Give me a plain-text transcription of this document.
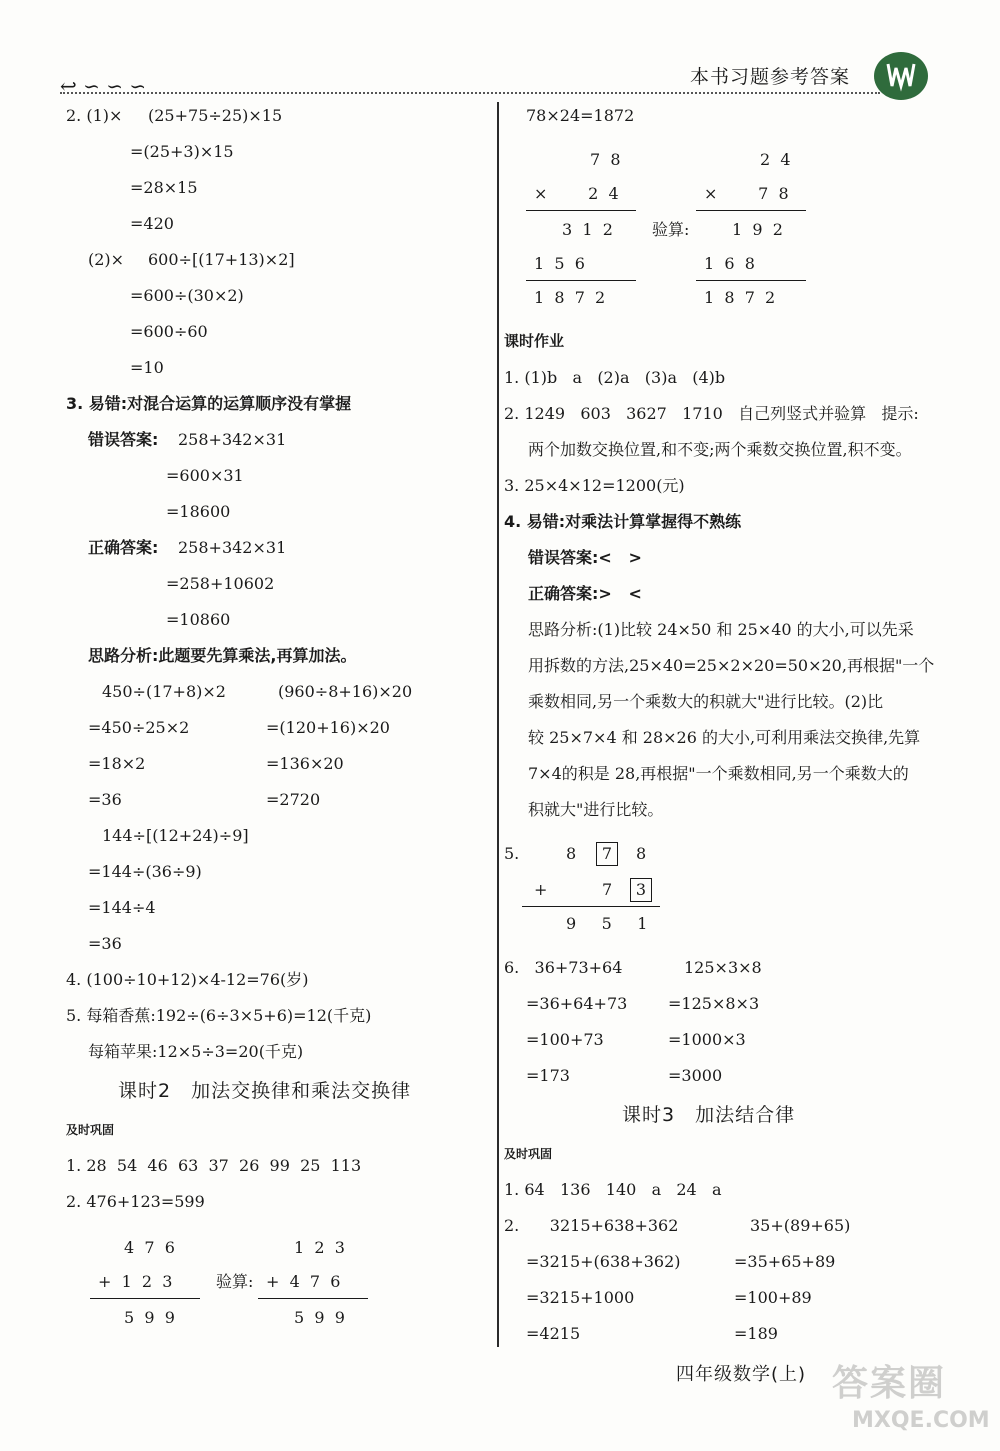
↩ ∽ ∽ ∽	本书习题参考答案
2. (1)× (25+75÷25)×15
=(25+3)×15
=28×15
=420
(2)× 600÷[(17+13)×2]
=600÷(30×2)
=600÷60
=10
3. 易错:对混合运算的运算顺序没有掌握
错误答案: 258+342×31
=600×31
=18600
正确答案: 258+342×31
=258+10602
=10860
思路分析:此题要先算乘法,再算加法。
450÷(17+8)×2
=450÷25×2
=18×2
=36
(960÷8+16)×20
=(120+16)×20
=136×20
=2720
144÷[(12+24)÷9]
=144÷(36÷9)
=144÷4
=36
4. (100÷10+12)×4-12=76(岁)
5. 每箱香蕉:192÷(6÷3×5+6)=12(千克)
每箱苹果:12×5÷3=20(千克)
课时2　加法交换律和乘法交换律
及时巩固
1. 28  54  46  63  37  26  99  25  113
2. 476+123=599
4  7  6
+  1  2  3
5  9  9
验算:
1  2  3
+  4  7  6
5  9  9
78×24=1872
7  8
×        2  4
3  1  2
1  5  6
1  8  7  2
验算:
2  4
×        7  8
1  9  2
1  6  8
1  8  7  2
课时作业
1. (1)b   a   (2)a   (3)a   (4)b
2. 1249   603   3627   1710   自己列竖式并验算   提示:
两个加数交换位置,和不变;两个乘数交换位置,积不变。
3. 25×4×12=1200(元)
4. 易错:对乘法计算掌握得不熟练
错误答案:<   >
正确答案:>   <
思路分析:(1)比较 24×50 和 25×40 的大小,可以先采
用拆数的方法,25×40=25×2×20=50×20,再根据"一个
乘数相同,另一个乘数大的积就大"进行比较。(2)比
较 25×7×4 和 28×26 的大小,可利用乘法交换律,先算
7×4的积是 28,再根据"一个乘数相同,另一个乘数大的
积就大"进行比较。
5.	8	7	8
+	7	3
9     5     1
6.   36+73+64
=36+64+73
=100+73
=173
125×3×8
=125×8×3
=1000×3
=3000
课时3　加法结合律
及时巩固
1. 64   136   140   a   24   a
2.      3215+638+362
=3215+(638+362)
=3215+1000
=4215
35+(89+65)
=35+65+89
=100+89
=189
四年级数学(上) 答案圈
MXQE.COM
